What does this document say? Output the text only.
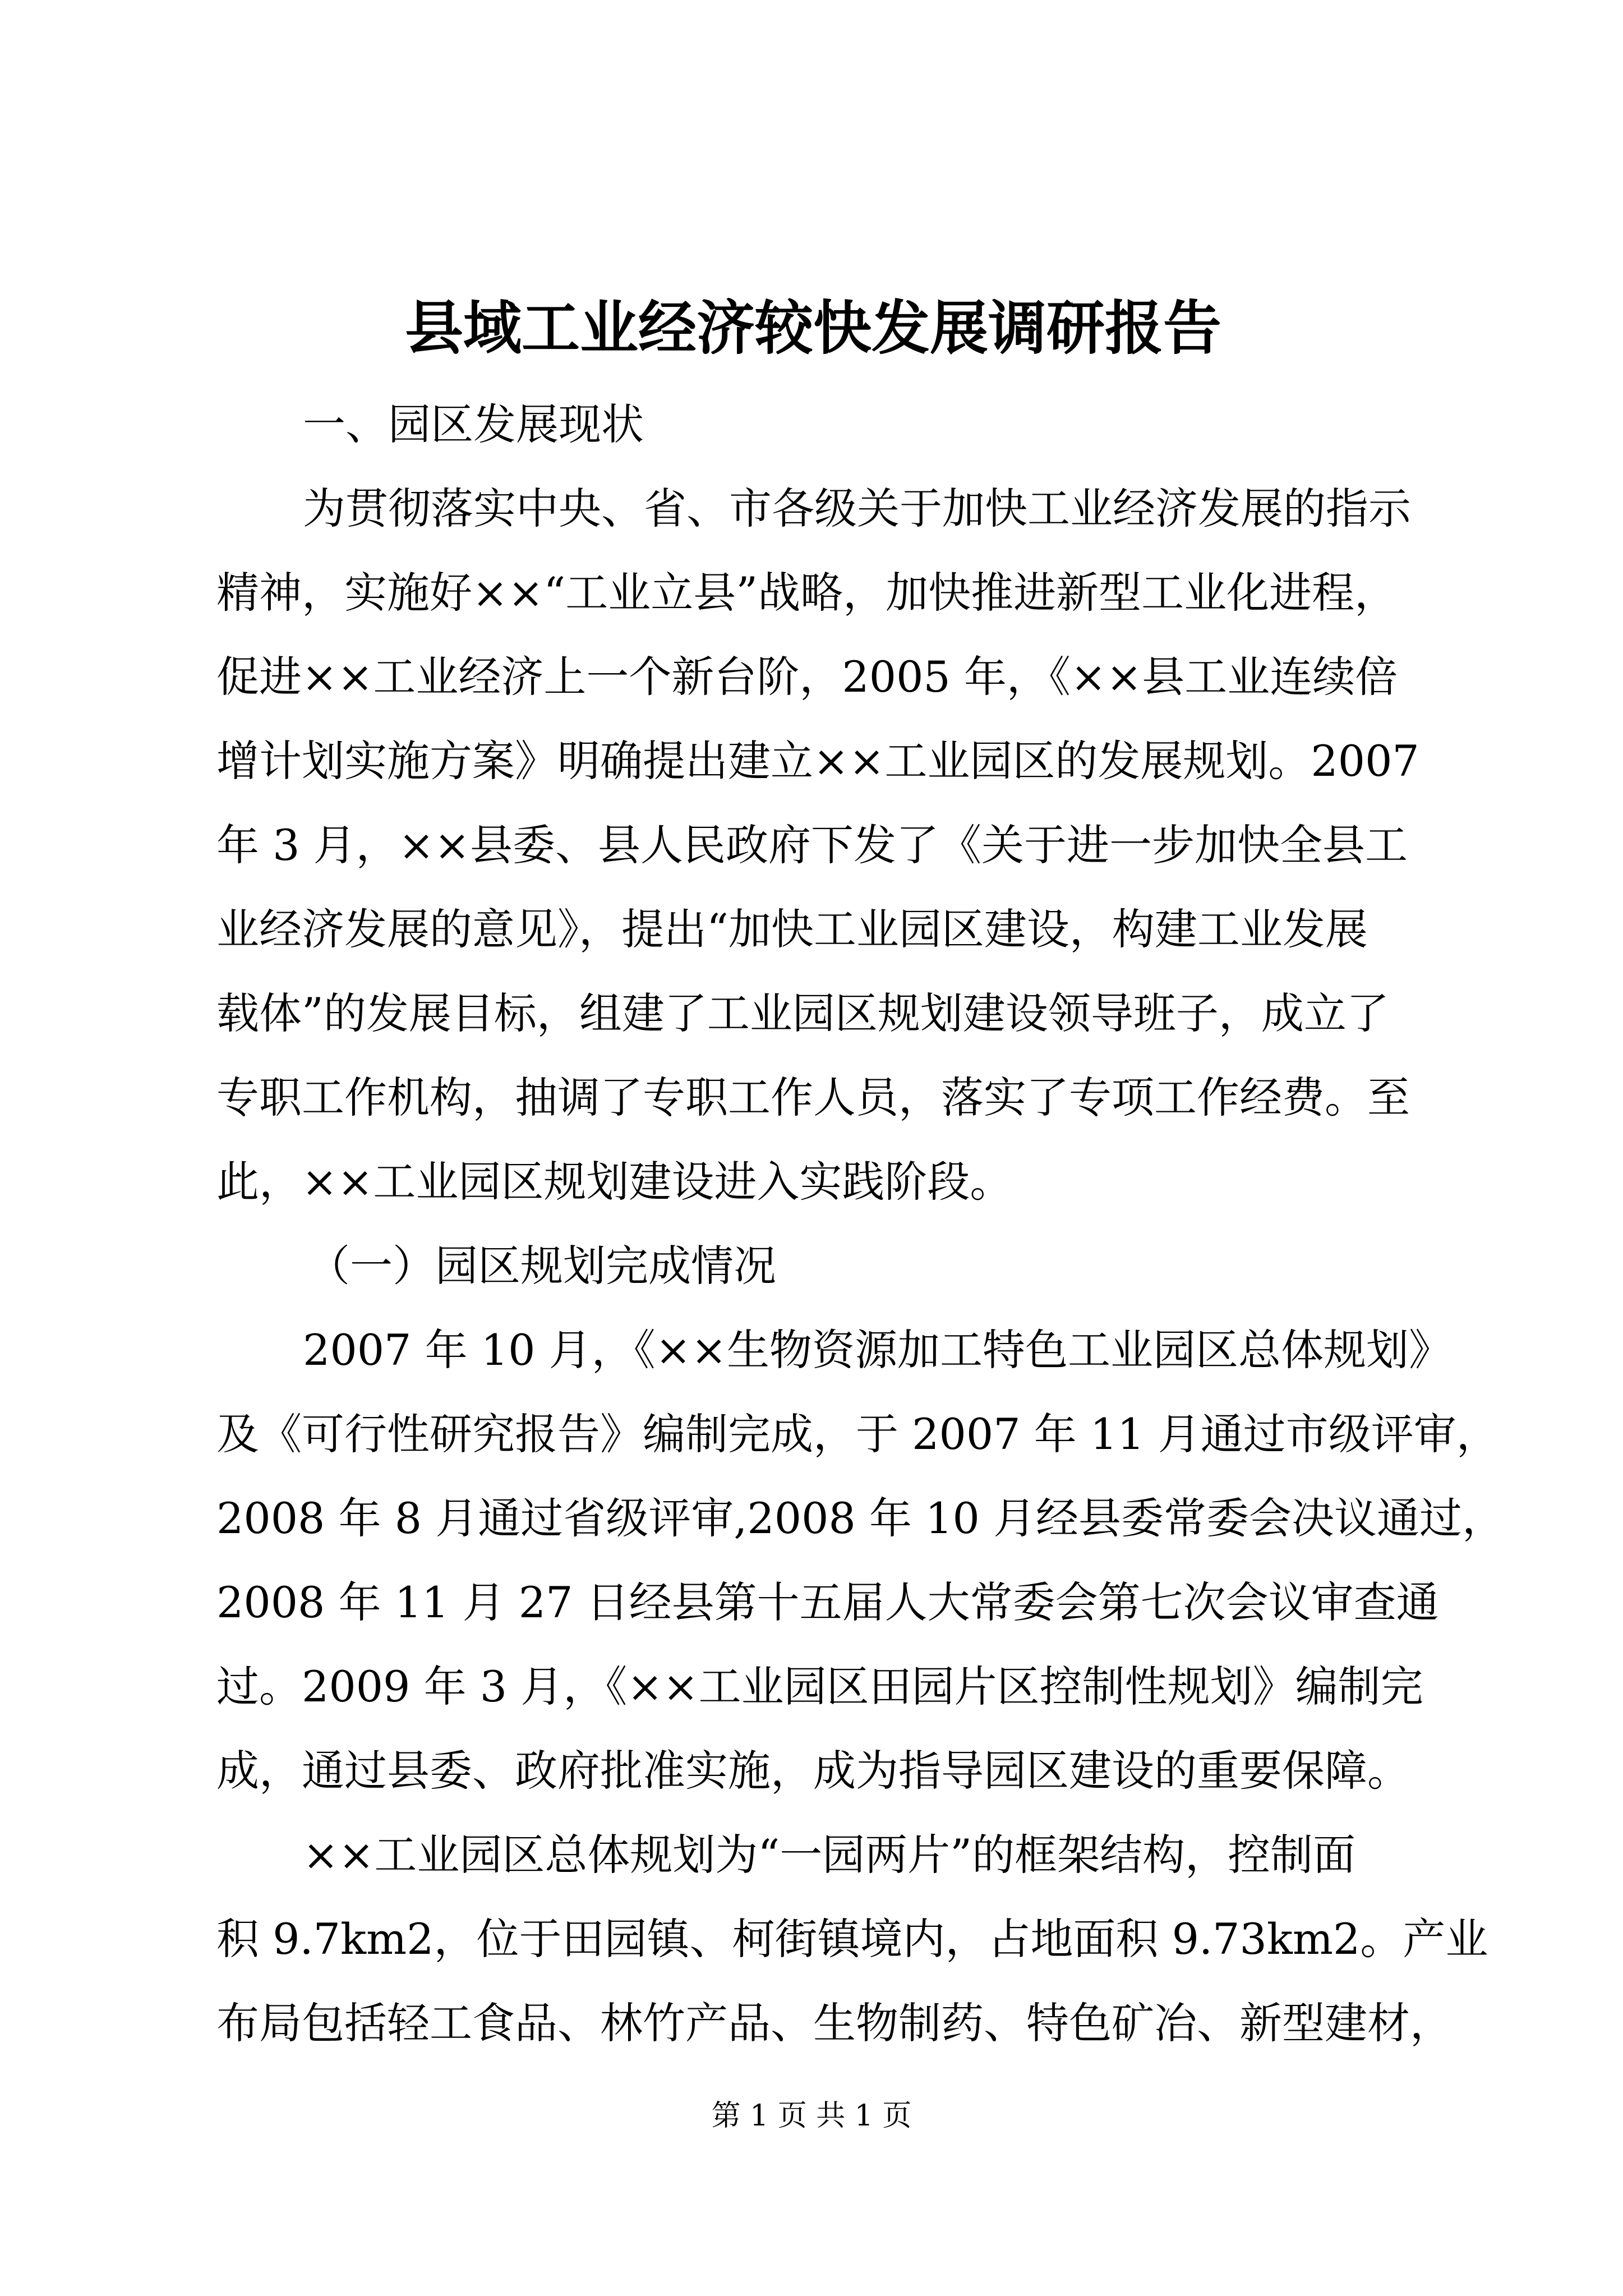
县域工业经济较快发展调研报告

一、园区发展现状

为贯彻落实中央、省、市各级关于加快工业经济发展的指示

精神，实施好××“工业立县”战略，加快推进新型工业化进程，

促进××工业经济上一个新台阶，2005 年，《××县工业连续倍

增计划实施方案》明确提出建立××工业园区的发展规划。2007

年 3 月，××县委、县人民政府下发了《关于进一步加快全县工

业经济发展的意见》，提出“加快工业园区建设，构建工业发展

载体”的发展目标，组建了工业园区规划建设领导班子，成立了

专职工作机构，抽调了专职工作人员，落实了专项工作经费。至

此，××工业园区规划建设进入实践阶段。

（一）园区规划完成情况

2007 年 10 月，《××生物资源加工特色工业园区总体规划》

及《可行性研究报告》编制完成，于 2007 年 11 月通过市级评审，

2008 年 8 月通过省级评审,2008 年 10 月经县委常委会决议通过，

2008 年 11 月 27 日经县第十五届人大常委会第七次会议审查通

过。2009 年 3 月，《××工业园区田园片区控制性规划》编制完

成，通过县委、政府批准实施，成为指导园区建设的重要保障。

××工业园区总体规划为“一园两片”的框架结构，控制面

积 9.7km2，位于田园镇、柯街镇境内，占地面积 9.73km2。产业

布局包括轻工食品、林竹产品、生物制药、特色矿冶、新型建材，

第 1 页 共 1 页
